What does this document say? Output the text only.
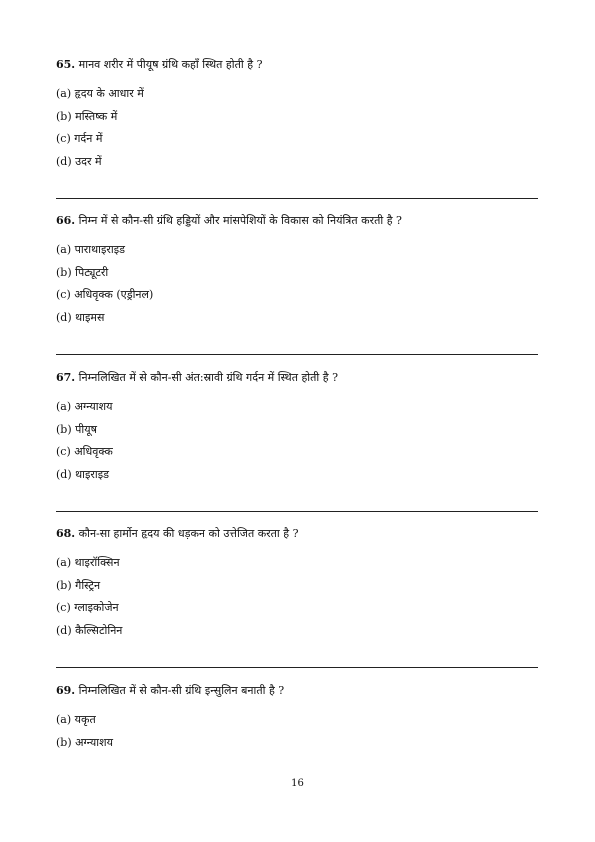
65. मानव शरीर में पीयूष ग्रंथि कहाँ स्थित होती है ?

(a) हृदय के आधार में
(b) मस्तिष्क में
(c) गर्दन में
(d) उदर में

66. निम्न में से कौन-सी ग्रंथि हड्डियों और मांसपेशियों के विकास को नियंत्रित करती है ?

(a) पाराथाइराइड
(b) पिट्यूटरी
(c) अधिवृक्क (एड्रीनल)
(d) थाइमस

67. निम्नलिखित में से कौन-सी अंत:स्रावी ग्रंथि गर्दन में स्थित होती है ?

(a) अग्न्याशय
(b) पीयूष
(c) अधिवृक्क
(d) थाइराइड

68. कौन-सा हार्मोन हृदय की धड़कन को उत्तेजित करता है ?

(a) थाइरॉक्सिन
(b) गैस्ट्रिन
(c) ग्लाइकोजेन
(d) कैल्सिटोनिन

69. निम्नलिखित में से कौन-सी ग्रंथि इन्सुलिन बनाती है ?

(a) यकृत
(b) अग्न्याशय
16
